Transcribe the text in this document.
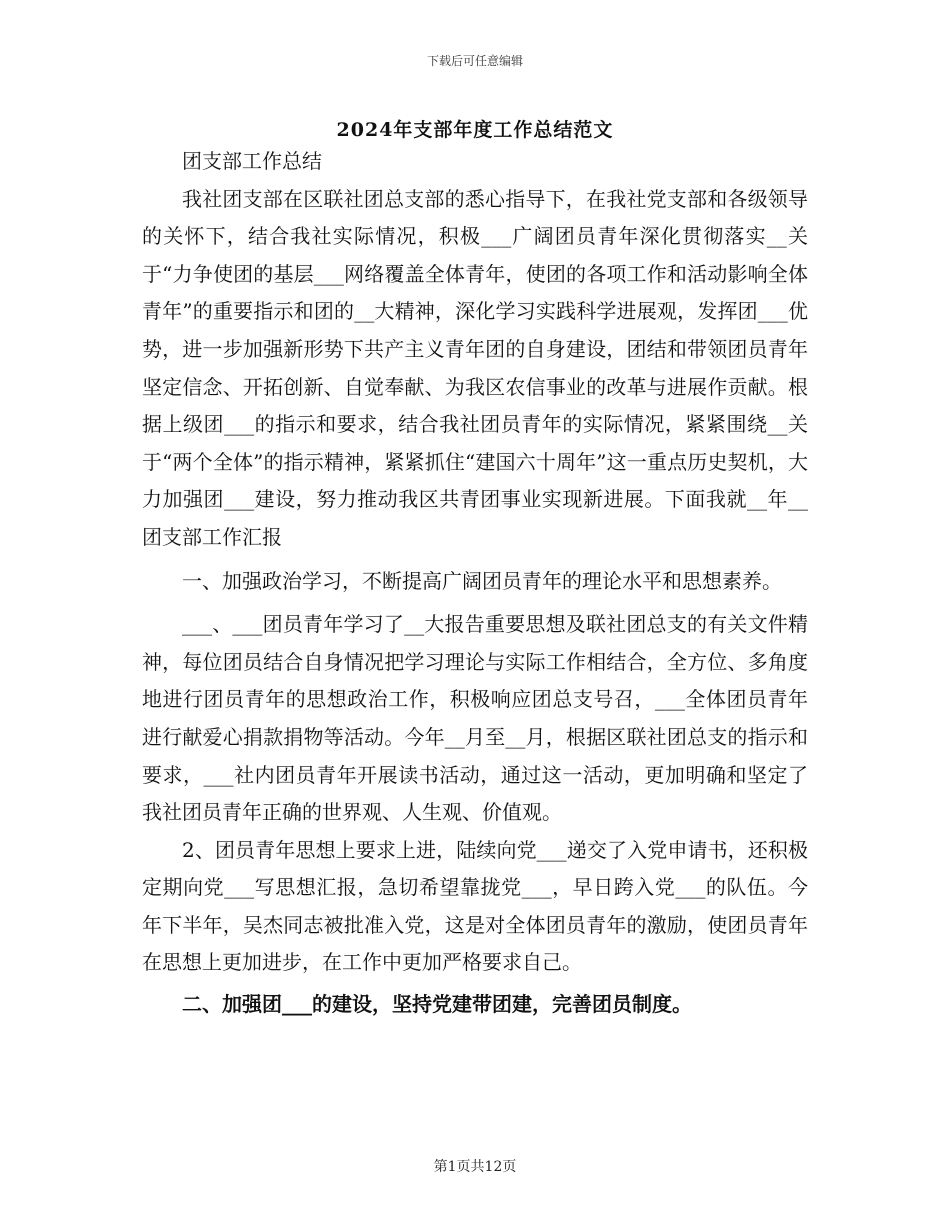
下载后可任意编辑
2024年支部年度工作总结范文

团支部工作总结

我社团支部在区联社团总支部的悉心指导下，在我社党支部和各级领导的关怀下，结合我社实际情况，积极___广阔团员青年深化贯彻落实__关于“力争使团的基层___网络覆盖全体青年，使团的各项工作和活动影响全体青年”的重要指示和团的__大精神，深化学习实践科学进展观，发挥团___优势，进一步加强新形势下共产主义青年团的自身建设，团结和带领团员青年坚定信念、开拓创新、自觉奉献、为我区农信事业的改革与进展作贡献。根据上级团___的指示和要求，结合我社团员青年的实际情况，紧紧围绕__关于“两个全体”的指示精神，紧紧抓住“建国六十周年”这一重点历史契机，大力加强团___建设，努力推动我区共青团事业实现新进展。下面我就__年__团支部工作汇报

一、加强政治学习，不断提高广阔团员青年的理论水平和思想素养。

___、___团员青年学习了__大报告重要思想及联社团总支的有关文件精神，每位团员结合自身情况把学习理论与实际工作相结合，全方位、多角度地进行团员青年的思想政治工作，积极响应团总支号召，___全体团员青年进行献爱心捐款捐物等活动。今年__月至__月，根据区联社团总支的指示和要求，___社内团员青年开展读书活动，通过这一活动，更加明确和坚定了我社团员青年正确的世界观、人生观、价值观。

2、团员青年思想上要求上进，陆续向党___递交了入党申请书，还积极定期向党___写思想汇报，急切希望靠拢党___，早日跨入党___的队伍。今年下半年，吴杰同志被批准入党，这是对全体团员青年的激励，使团员青年在思想上更加进步，在工作中更加严格要求自己。

二、加强团___的建设，坚持党建带团建，完善团员制度。

第1页共12页
